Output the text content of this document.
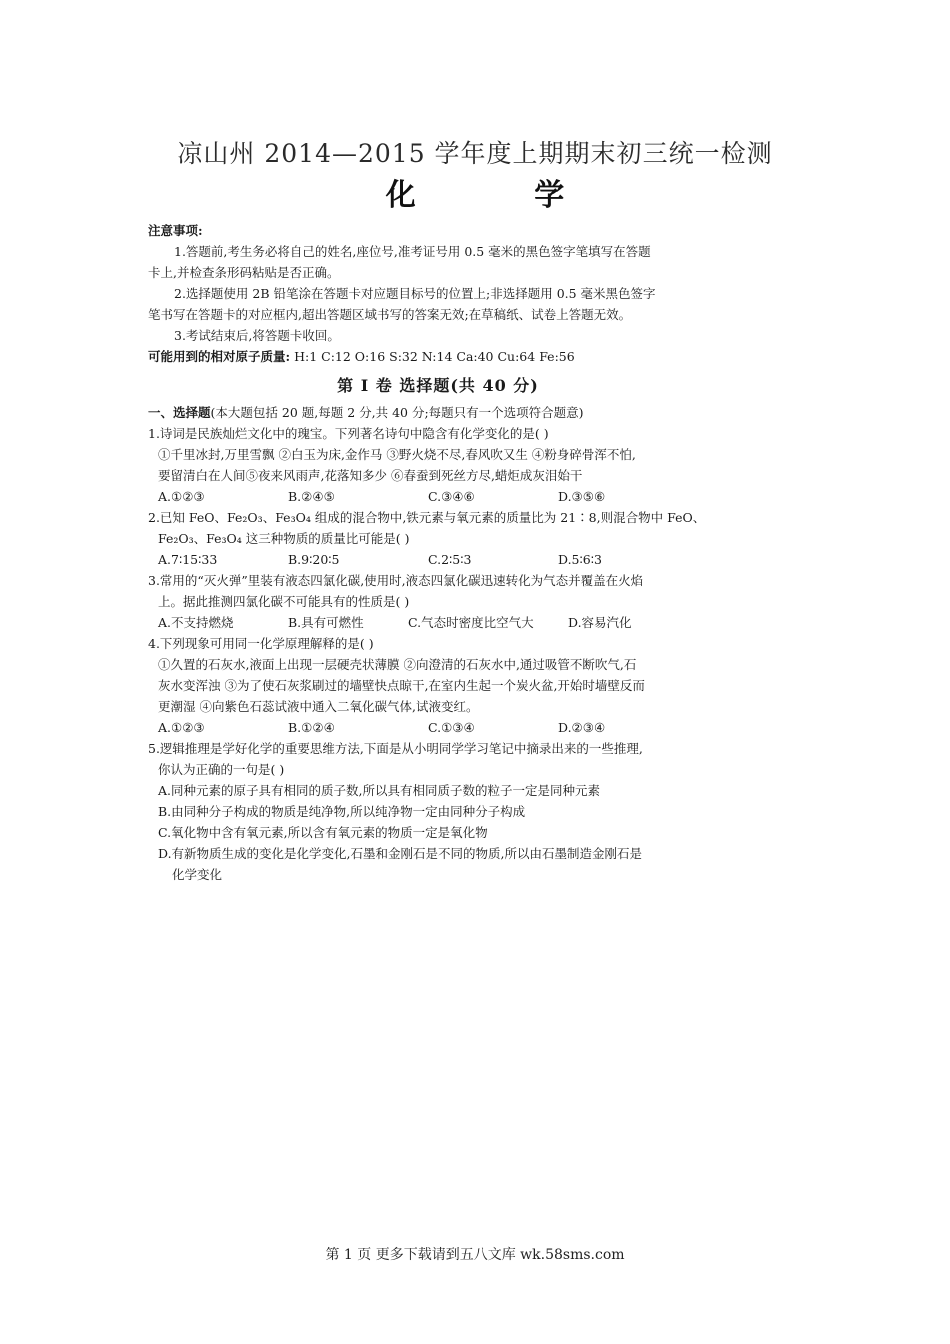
凉山州 2014—2015 学年度上期期末初三统一检测
化 学
注意事项:
1.答题前,考生务必将自己的姓名,座位号,准考证号用 0.5 毫米的黑色签字笔填写在答题
卡上,并检查条形码粘贴是否正确。
2.选择题使用 2B 铅笔涂在答题卡对应题目标号的位置上;非选择题用 0.5 毫米黑色签字
笔书写在答题卡的对应框内,超出答题区域书写的答案无效;在草稿纸、试卷上答题无效。
3.考试结束后,将答题卡收回。
可能用到的相对原子质量: H:1 C:12 O:16 S:32 N:14 Ca:40 Cu:64 Fe:56
第 Ⅰ 卷 选择题(共 40 分)
一、选择题(本大题包括 20 题,每题 2 分,共 40 分;每题只有一个选项符合题意)
1.诗词是民族灿烂文化中的瑰宝。下列著名诗句中隐含有化学变化的是( )
①千里冰封,万里雪飘 ②白玉为床,金作马 ③野火烧不尽,春风吹又生 ④粉身碎骨浑不怕,
要留清白在人间⑤夜来风雨声,花落知多少 ⑥春蚕到死丝方尽,蜡炬成灰泪始干
A.①②③	B.②④⑤	C.③④⑥	D.③⑤⑥
2.已知 FeO、Fe₂O₃、Fe₃O₄ 组成的混合物中,铁元素与氧元素的质量比为 21∶8,则混合物中 FeO、
Fe₂O₃、Fe₃O₄ 这三种物质的质量比可能是( )
A.7∶15∶33	B.9∶20∶5	C.2∶5∶3	D.5∶6∶3
3.常用的“灭火弹”里装有液态四氯化碳,使用时,液态四氯化碳迅速转化为气态并覆盖在火焰
上。据此推测四氯化碳不可能具有的性质是( )
A.不支持燃烧	B.具有可燃性	C.气态时密度比空气大	D.容易汽化
4.下列现象可用同一化学原理解释的是( )
①久置的石灰水,液面上出现一层硬壳状薄膜 ②向澄清的石灰水中,通过吸管不断吹气,石
灰水变浑浊 ③为了使石灰浆刷过的墙壁快点晾干,在室内生起一个炭火盆,开始时墙壁反而
更潮湿 ④向紫色石蕊试液中通入二氧化碳气体,试液变红。
A.①②③	B.①②④	C.①③④	D.②③④
5.逻辑推理是学好化学的重要思维方法,下面是从小明同学学习笔记中摘录出来的一些推理,
你认为正确的一句是( )
A.同种元素的原子具有相同的质子数,所以具有相同质子数的粒子一定是同种元素
B.由同种分子构成的物质是纯净物,所以纯净物一定由同种分子构成
C.氧化物中含有氧元素,所以含有氧元素的物质一定是氧化物
D.有新物质生成的变化是化学变化,石墨和金刚石是不同的物质,所以由石墨制造金刚石是
化学变化
第 1 页 更多下载请到五八文库 wk.58sms.com
